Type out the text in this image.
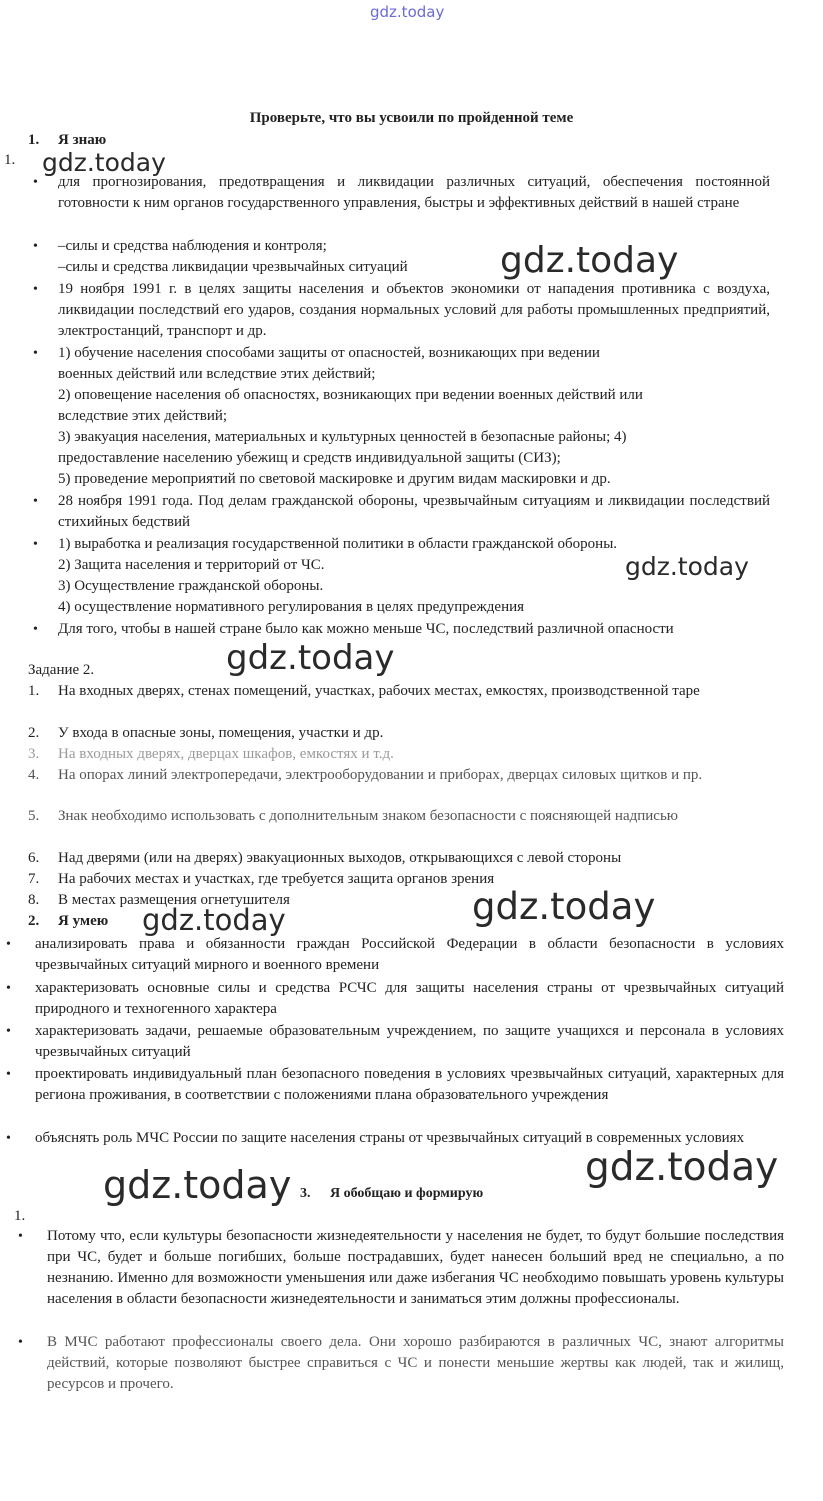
gdz.today
gdz.today
gdz.today
gdz.today
gdz.today
gdz.today	gdz.today
gdz.today
gdz.today
Проверьте, что вы усвоили по пройденной теме
1. Я знаю
1.
• для прогнозирования, предотвращения и ликвидации различных ситуаций, обеспечения постоянной готовности к ним органов государственного управления, быстры и эффективных действий в нашей стране
• –силы и средства наблюдения и контроля;
–силы и средства ликвидации чрезвычайных ситуаций
• 19 ноября 1991 г. в целях защиты населения и объектов экономики от нападения противника с воздуха, ликвидации последствий его ударов, создания нормальных условий для работы промышленных предприятий, электростанций, транспорт и др.
• 1) обучение населения способами защиты от опасностей, возникающих при ведении
военных действий или вследствие этих действий;
2) оповещение населения об опасностях, возникающих при ведении военных действий или
вследствие этих действий;
3) эвакуация населения, материальных и культурных ценностей в безопасные районы; 4)
предоставление населению убежищ и средств индивидуальной защиты (СИЗ);
5) проведение мероприятий по световой маскировке и другим видам маскировки и др.
• 28 ноября 1991 года. Под делам гражданской обороны, чрезвычайным ситуациям и ликвидации последствий стихийных бедствий
• 1) выработка и реализация государственной политики в области гражданской обороны.
2) Защита населения и территорий от ЧС.
3) Осуществление гражданской обороны.
4) осуществление нормативного регулирования в целях предупреждения
• Для того, чтобы в нашей стране было как можно меньше ЧС, последствий различной опасности
Задание 2.
1. На входных дверях, стенах помещений, участках, рабочих местах, емкостях, производственной таре
2. У входа в опасные зоны, помещения, участки и др.
3. На входных дверях, дверцах шкафов, емкостях и т.д.
4. На опорах линий электропередачи, электрооборудовании и приборах, дверцах силовых щитков и пр.
5. Знак необходимо использовать с дополнительным знаком безопасности с поясняющей надписью
6. Над дверями (или на дверях) эвакуационных выходов, открывающихся с левой стороны
7. На рабочих местах и участках, где требуется защита органов зрения
8. В местах размещения огнетушителя
2. Я умею
• анализировать права и обязанности граждан Российской Федерации в области безопасности в условиях чрезвычайных ситуаций мирного и военного времени
• характеризовать основные силы и средства РСЧС для защиты населения страны от чрезвычайных ситуаций природного и техногенного характера
• характеризовать задачи, решаемые образовательным учреждением, по защите учащихся и персонала в условиях чрезвычайных ситуаций
• проектировать индивидуальный план безопасного поведения в условиях чрезвычайных ситуаций, характерных для региона проживания, в соответствии с положениями плана образовательного учреждения
• объяснять роль МЧС России по защите населения страны от чрезвычайных ситуаций в современных условиях
3. Я обобщаю и формирую
1.
• Потому что, если культуры безопасности жизнедеятельности у населения не будет, то будут большие последствия при ЧС, будет и больше погибших, больше пострадавших, будет нанесен больший вред не специально, а по незнанию. Именно для возможности уменьшения или даже избегания ЧС необходимо повышать уровень культуры населения в области безопасности жизнедеятельности и заниматься этим должны профессионалы.
• В МЧС работают профессионалы своего дела. Они хорошо разбираются в различных ЧС, знают алгоритмы действий, которые позволяют быстрее справиться с ЧС и понести меньшие жертвы как людей, так и жилищ, ресурсов и прочего.
